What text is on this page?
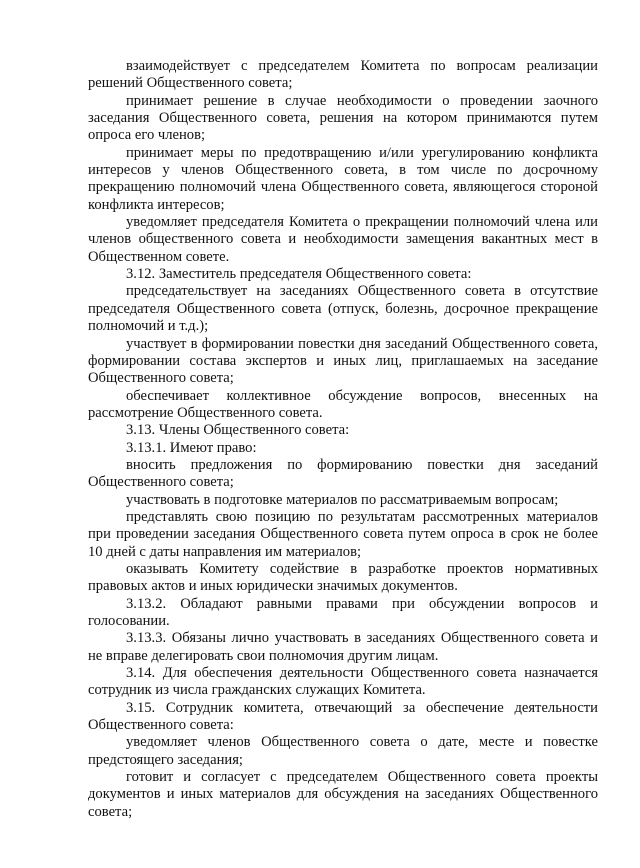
взаимодействует с председателем Комитета по вопросам реализации решений Общественного совета;

принимает решение в случае необходимости о проведении заочного заседания Общественного совета, решения на котором принимаются путем опроса его членов;

принимает меры по предотвращению и/или урегулированию конфликта интересов у членов Общественного совета, в том числе по досрочному прекращению полномочий члена Общественного совета, являющегося стороной конфликта интересов;

уведомляет председателя Комитета о прекращении полномочий члена или членов общественного совета и необходимости замещения вакантных мест в Общественном совете.

3.12. Заместитель председателя Общественного совета:

председательствует на заседаниях Общественного совета в отсутствие председателя Общественного совета (отпуск, болезнь, досрочное прекращение полномочий и т.д.);

участвует в формировании повестки дня заседаний Общественного совета, формировании состава экспертов и иных лиц, приглашаемых на заседание Общественного совета;

обеспечивает коллективное обсуждение вопросов, внесенных на рассмотрение Общественного совета.

3.13. Члены Общественного совета:

3.13.1. Имеют право:

вносить предложения по формированию повестки дня заседаний Общественного совета;

участвовать в подготовке материалов по рассматриваемым вопросам;

представлять свою позицию по результатам рассмотренных материалов при проведении заседания Общественного совета путем опроса в срок не более 10 дней с даты направления им материалов;

оказывать Комитету содействие в разработке проектов нормативных правовых актов и иных юридически значимых документов.

3.13.2. Обладают равными правами при обсуждении вопросов и голосовании.

3.13.3. Обязаны лично участвовать в заседаниях Общественного совета и не вправе делегировать свои полномочия другим лицам.

3.14. Для обеспечения деятельности Общественного совета назначается сотрудник из числа гражданских служащих Комитета.

3.15. Сотрудник комитета, отвечающий за обеспечение деятельности Общественного совета:

уведомляет членов Общественного совета о дате, месте и повестке предстоящего заседания;

готовит и согласует с председателем Общественного совета проекты документов и иных материалов для обсуждения на заседаниях Общественного совета;
